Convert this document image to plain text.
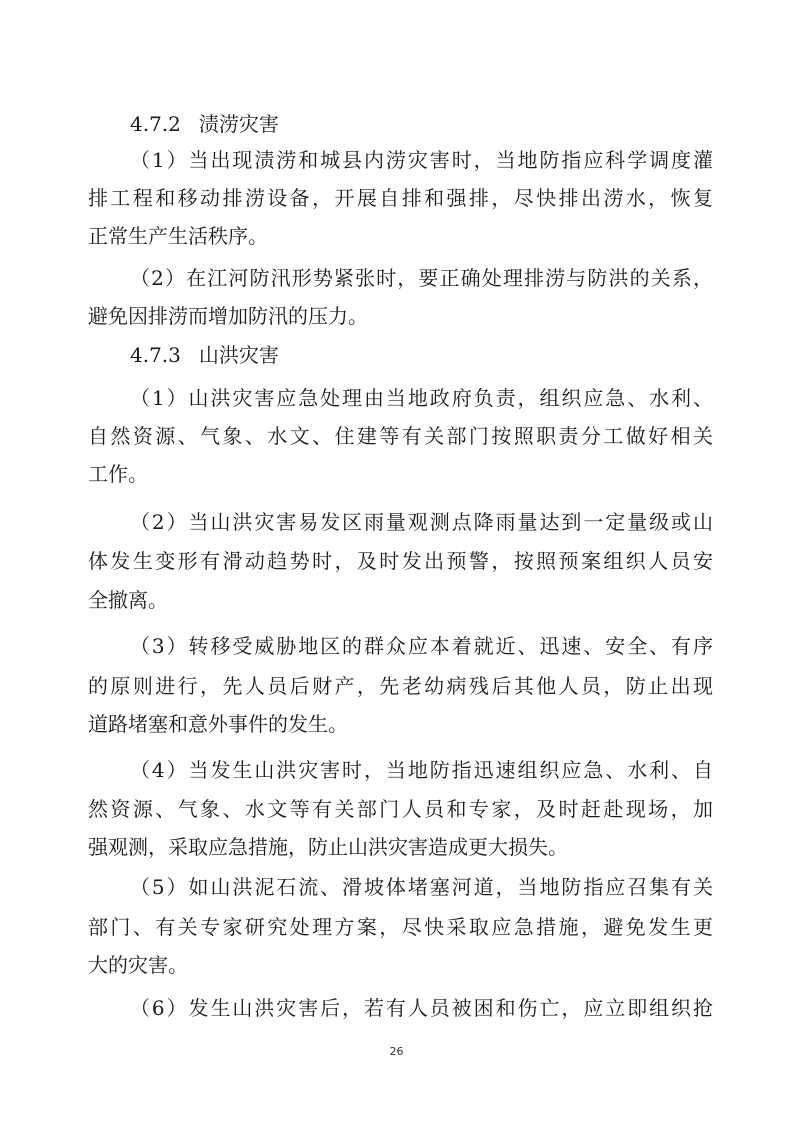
4.7.2 渍涝灾害
（1）当出现渍涝和城县内涝灾害时，当地防指应科学调度灌
排工程和移动排涝设备，开展自排和强排，尽快排出涝水，恢复
正常生产生活秩序。
（2）在江河防汛形势紧张时，要正确处理排涝与防洪的关系，
避免因排涝而增加防汛的压力。
4.7.3 山洪灾害
（1）山洪灾害应急处理由当地政府负责，组织应急、水利、
自然资源、气象、水文、住建等有关部门按照职责分工做好相关
工作。
（2）当山洪灾害易发区雨量观测点降雨量达到一定量级或山
体发生变形有滑动趋势时，及时发出预警，按照预案组织人员安
全撤离。
（3）转移受威胁地区的群众应本着就近、迅速、安全、有序
的原则进行，先人员后财产，先老幼病残后其他人员，防止出现
道路堵塞和意外事件的发生。
（4）当发生山洪灾害时，当地防指迅速组织应急、水利、自
然资源、气象、水文等有关部门人员和专家，及时赶赴现场，加
强观测，采取应急措施，防止山洪灾害造成更大损失。
（5）如山洪泥石流、滑坡体堵塞河道，当地防指应召集有关
部门、有关专家研究处理方案，尽快采取应急措施，避免发生更
大的灾害。
（6）发生山洪灾害后，若有人员被困和伤亡，应立即组织抢
26
